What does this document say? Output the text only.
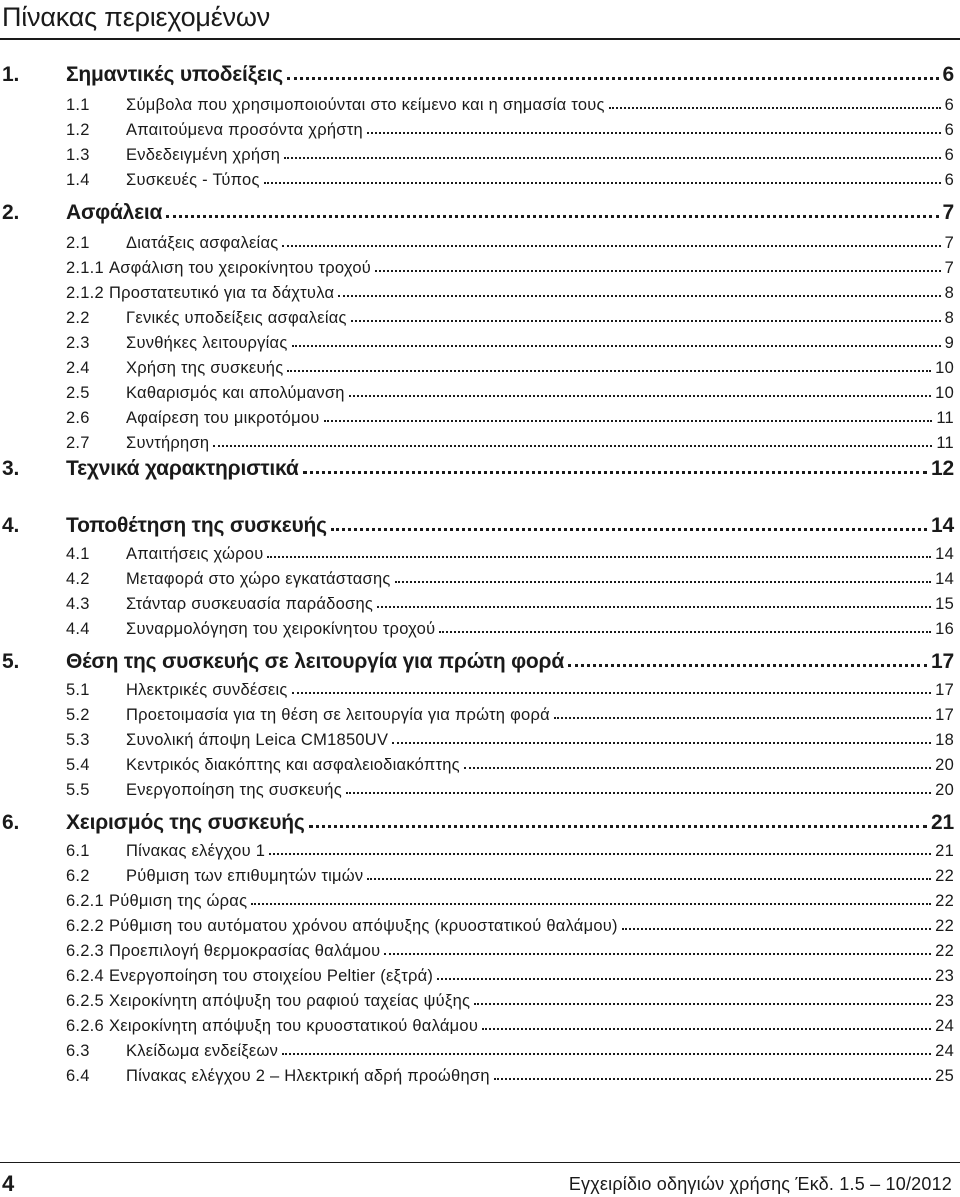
Πίνακας περιεχομένων
1.	Σημαντικές υποδείξεις	6
1.1	Σύμβολα που χρησιμοποιούνται στο κείμενο και η σημασία τους	6
1.2	Απαιτούμενα προσόντα χρήστη	6
1.3	Ενδεδειγμένη χρήση	6
1.4	Συσκευές - Τύπος	6
2.	Ασφάλεια	7
2.1	Διατάξεις ασφαλείας	7
2.1.1 Ασφάλιση του χειροκίνητου τροχού	7
2.1.2 Προστατευτικό για τα δάχτυλα	8
2.2	Γενικές υποδείξεις ασφαλείας	8
2.3	Συνθήκες λειτουργίας	9
2.4	Χρήση της συσκευής	10
2.5	Καθαρισμός και απολύμανση	10
2.6	Αφαίρεση του μικροτόμου	11
2.7	Συντήρηση	11
3.	Τεχνικά χαρακτηριστικά	12
4.	Τοποθέτηση της συσκευής	14
4.1	Απαιτήσεις χώρου	14
4.2	Μεταφορά στο χώρο εγκατάστασης	14
4.3	Στάνταρ συσκευασία παράδοσης	15
4.4	Συναρμολόγηση του χειροκίνητου τροχού	16
5.	Θέση της συσκευής σε λειτουργία για πρώτη φορά	17
5.1	Ηλεκτρικές συνδέσεις	17
5.2	Προετοιμασία για τη θέση σε λειτουργία για πρώτη φορά	17
5.3	Συνολική άποψη Leica CM1850UV	18
5.4	Κεντρικός διακόπτης και ασφαλειοδιακόπτης	20
5.5	Ενεργοποίηση της συσκευής	20
6.	Χειρισμός της συσκευής	21
6.1	Πίνακας ελέγχου 1	21
6.2	Ρύθμιση των επιθυμητών τιμών	22
6.2.1 Ρύθμιση της ώρας	22
6.2.2 Ρύθμιση του αυτόματου χρόνου απόψυξης (κρυοστατικού θαλάμου)	22
6.2.3 Προεπιλογή θερμοκρασίας θαλάμου	22
6.2.4 Ενεργοποίηση του στοιχείου Peltier (εξτρά)	23
6.2.5 Χειροκίνητη απόψυξη του ραφιού ταχείας ψύξης	23
6.2.6 Χειροκίνητη απόψυξη του κρυοστατικού θαλάμου	24
6.3	Κλείδωμα ενδείξεων	24
6.4	Πίνακας ελέγχου 2 – Ηλεκτρική αδρή προώθηση	25
4	Εγχειρίδιο οδηγιών χρήσης Έκδ. 1.5 – 10/2012
